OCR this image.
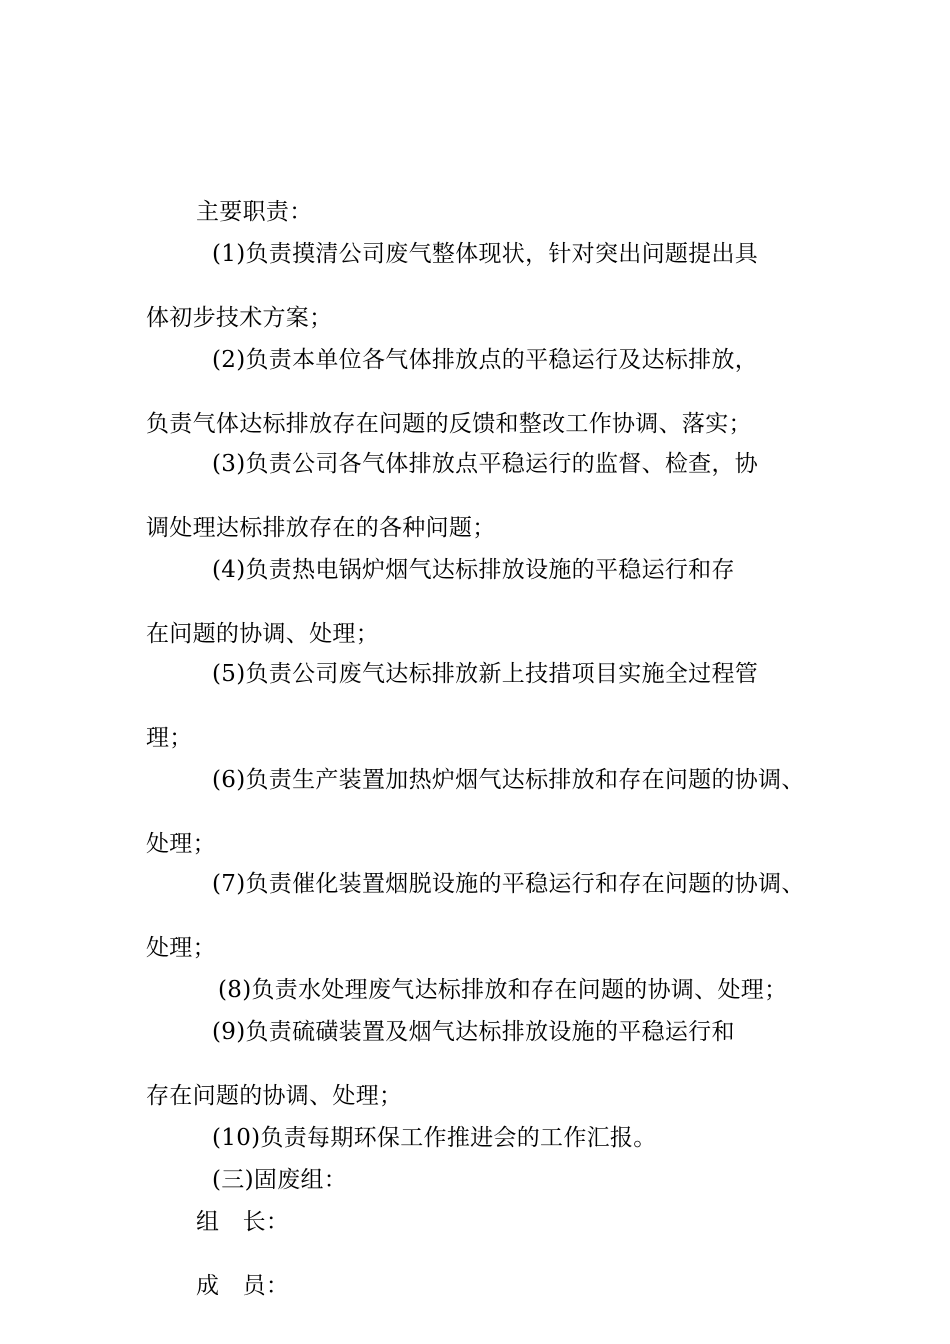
主要职责：
(1)负责摸清公司废气整体现状，针对突出问题提出具
体初步技术方案；
(2)负责本单位各气体排放点的平稳运行及达标排放，
负责气体达标排放存在问题的反馈和整改工作协调、落实；
(3)负责公司各气体排放点平稳运行的监督、检查，协
调处理达标排放存在的各种问题；
(4)负责热电锅炉烟气达标排放设施的平稳运行和存
在问题的协调、处理；
(5)负责公司废气达标排放新上技措项目实施全过程管
理；
(6)负责生产装置加热炉烟气达标排放和存在问题的协调、
处理；
(7)负责催化装置烟脱设施的平稳运行和存在问题的协调、
处理；
(8)负责水处理废气达标排放和存在问题的协调、处理；
(9)负责硫磺装置及烟气达标排放设施的平稳运行和
存在问题的协调、处理；
(10)负责每期环保工作推进会的工作汇报。
(三)固废组：
组　长：
成　员：
